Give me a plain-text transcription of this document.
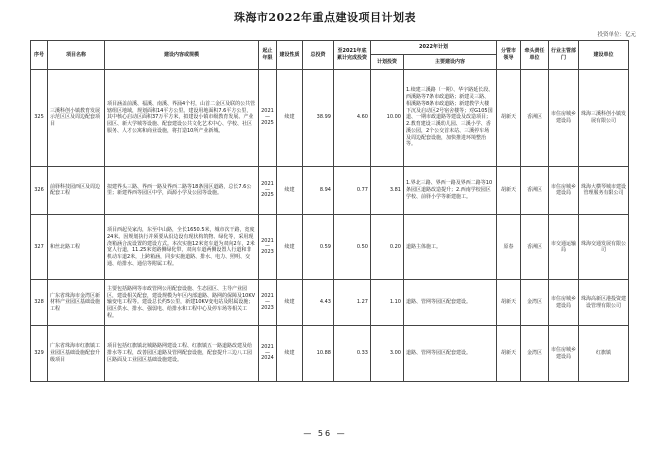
珠海市2022年重点建设项目计划表
投资单位：亿元
序号	项目名称	建设内容或规模	起止年限	建设性质	总投资	至2021年底累计完成投资	2022年计划		分管市领导	牵头责任单位	行业主管部门	建设单位
							计划投资	主要建设内容				
325	三溪科创小镇教育发展示范区区及周边配套项目	项目涵盖前溪、福溪、南溪、界涌4个村，山首二金区及联的公共管辖组区地域，规划面积14平方公里。建设用地面积7.6平方公里，其中核心启动区面积37万平方米，拟建设小镇市级教育发展、产业园区、新大学城等设施、配套建设公共文化艺术中心、学校、社区服务、人才公寓和商业设施，将打造10所产业新城。	2021
—
2025	续建	38.99	4.60	10.00	1.续建三溪路（一期）、华宇路延长段、西溪路等7条市政道路；新建灵三路、相溪路等8条市政道路；新建教学大楼下沉及启动区2号宿舍楼等；对G105国道、一期市政道路等建设及改造项目；2.教育建设三溪幼儿园、三溪小学、香溪公园，2个公交首末站、三溪停车场及周边配套设施，加快推进环境整治等。	胡新天	香洲区	市住房城乡建设局	珠海三溪科创小镇发展有限公司
326	前驿科技园西区及周边配套工程	拟建界头三路、界西一路及界西二路等18条园区道路，总长7.6公里；新建界西等园区中学，面源小学及公园等设施。	2021
—
2025	续建	8.94	0.77	3.81	1.界北三路、界西一路及界西二路等10条园区道路改造提升；2.西南学校园区学校、前驿小学等新建施工。	胡新天	香洲区	市住房城乡建设局	珠海大横琴城市建设管理服务有限公司
327	和丝北路工程	项目西起吴家沟，东至中山路，全长1650.5米，城市次干路，宽度24米。因规划执行并须要从沿边设有现状构筑物、绿化等，采用现浇箱涵合流设置的建设方式。本次实施12米宽车道为双向2车，2米宽人行道，11.25米宽路侧绿化带，双向车道两侧设置人行道和非机动车道2米，上跨箱涵，同步实施道路、排水、电力、照明、交通、给排水、通信等附属工程。	2021
—
2023	续建	0.59	0.50	0.20	道路主体施工。	原春	香洲区	市交通运输局	珠海交通发展有限公司
328	广东省珠海市金湾区新材料产业园区基础设施工程	主要包括路网等市政管网公用配套设施、生态园区、主导产业园区，建设相关配套，建设规模为年区内部道路、路网的保障及10KV输变电工程等。建设总长约5公里，新建10KV变电站及附属设施；园区供水、排水、强弱电、给排水和工程中心及停车场等相关工程。	2021
—
2023	续建	4.43	1.27	1.10	道路、管网等园区配套建设。	胡新天	金湾区	市住房城乡建设局	珠海高新区港投资建设管理有限公司
329	广东省珠海市红旗镇工业园区基础设施配套升级项目	项目包括红旗镇北城路路网建设工程、红旗镇五一路道路改建及给排水等工程，改善园区道路及管网配套设施，配套提升三边八工园区路面及工业园区基础设施建设。	2021
—
2024	续建	10.88	0.33	3.00	道路、管网等园区配套建设。	胡新天	金湾区	市住房城乡建设局	红旗镇
— 56 —
